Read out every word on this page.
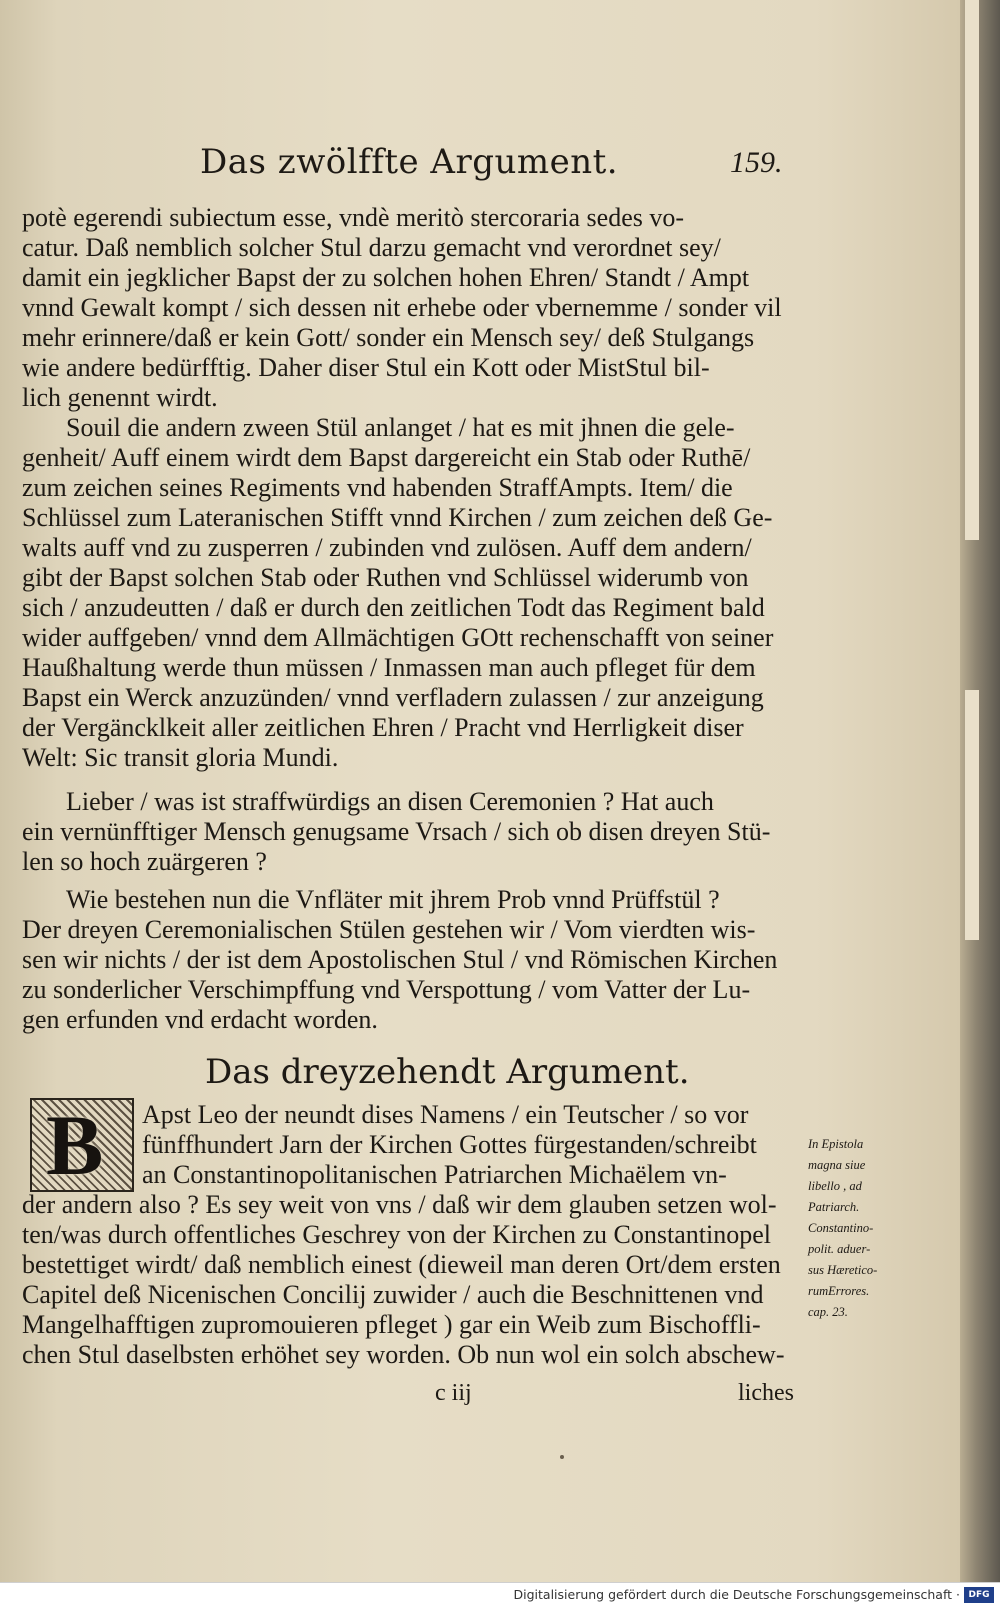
Das zwölffte Argument.	159.
potè egerendi subiectum esse, vndè meritò stercoraria sedes vo-
catur. Daß nemblich solcher Stul darzu gemacht vnd verordnet sey/
damit ein jegklicher Bapst der zu solchen hohen Ehren/ Standt / Ampt
vnnd Gewalt kompt / sich dessen nit erhebe oder vbernemme / sonder vil
mehr erinnere/daß er kein Gott/ sonder ein Mensch sey/ deß Stulgangs
wie andere bedürfftig. Daher diser Stul ein Kott oder MistStul bil-
lich genennt wirdt.
Souil die andern zween Stül anlanget / hat es mit jhnen die gele-
genheit/ Auff einem wirdt dem Bapst dargereicht ein Stab oder Ruthē/
zum zeichen seines Regiments vnd habenden StraffAmpts. Item/ die
Schlüssel zum Lateranischen Stifft vnnd Kirchen / zum zeichen deß Ge-
walts auff vnd zu zusperren / zubinden vnd zulösen. Auff dem andern/
gibt der Bapst solchen Stab oder Ruthen vnd Schlüssel widerumb von
sich / anzudeutten / daß er durch den zeitlichen Todt das Regiment bald
wider auffgeben/ vnnd dem Allmächtigen GOtt rechenschafft von seiner
Haußhaltung werde thun müssen / Inmassen man auch pfleget für dem
Bapst ein Werck anzuzünden/ vnnd verfladern zulassen / zur anzeigung
der Vergäncklkeit aller zeitlichen Ehren / Pracht vnd Herrligkeit diser
Welt: Sic transit gloria Mundi.
Lieber / was ist straffwürdigs an disen Ceremonien ? Hat auch
ein vernünfftiger Mensch genugsame Vrsach / sich ob disen dreyen Stü-
len so hoch zuärgeren ?
Wie bestehen nun die Vnfläter mit jhrem Prob vnnd Prüffstül ?
Der dreyen Ceremonialischen Stülen gestehen wir / Vom vierdten wis-
sen wir nichts / der ist dem Apostolischen Stul / vnd Römischen Kirchen
zu sonderlicher Verschimpffung vnd Verspottung / vom Vatter der Lu-
gen erfunden vnd erdacht worden.
Das dreyzehendt Argument.
B	Apst Leo der neundt dises Namens / ein Teutscher / so vor
fünffhundert Jarn der Kirchen Gottes fürgestanden/schreibt
an Constantinopolitanischen Patriarchen Michaëlem vn-
der andern also ? Es sey weit von vns / daß wir dem glauben setzen wol-
ten/was durch offentliches Geschrey von der Kirchen zu Constantinopel
bestettiget wirdt/ daß nemblich einest (dieweil man deren Ort/dem ersten
Capitel deß Nicenischen Concilij zuwider / auch die Beschnittenen vnd
Mangelhafftigen zupromouieren pfleget ) gar ein Weib zum Bischoffli-
chen Stul daselbsten erhöhet sey worden. Ob nun wol ein solch abschew-
In Epistola
magna siue
libello , ad
Patriarch.
Constantino-
polit. aduer-
sus Hæretico-
rumErrores.
cap. 23.
c iij	liches
Digitalisierung gefördert durch die Deutsche Forschungsgemeinschaft · DFG
